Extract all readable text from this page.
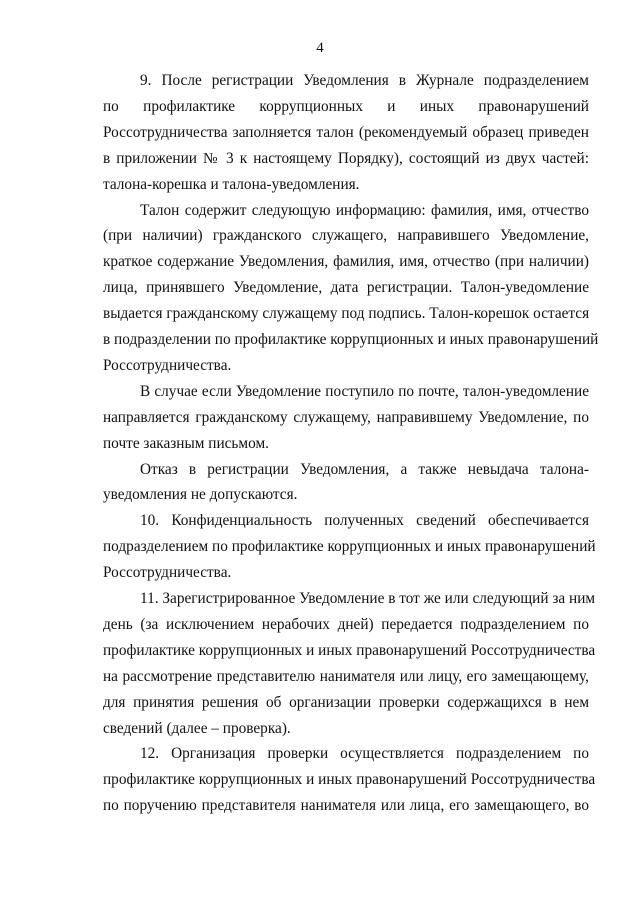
4
9. После регистрации Уведомления в Журнале подразделением
по профилактике коррупционных и иных правонарушений
Россотрудничества заполняется талон (рекомендуемый образец приведен
в приложении № 3 к настоящему Порядку), состоящий из двух частей:
талона-корешка и талона-уведомления.
Талон содержит следующую информацию: фамилия, имя, отчество
(при наличии) гражданского служащего, направившего Уведомление,
краткое содержание Уведомления, фамилия, имя, отчество (при наличии)
лица, принявшего Уведомление, дата регистрации. Талон-уведомление
выдается гражданскому служащему под подпись. Талон-корешок остается
в подразделении по профилактике коррупционных и иных правонарушений
Россотрудничества.
В случае если Уведомление поступило по почте, талон-уведомление
направляется гражданскому служащему, направившему Уведомление, по
почте заказным письмом.
Отказ в регистрации Уведомления, а также невыдача талона-
уведомления не допускаются.
10. Конфиденциальность полученных сведений обеспечивается
подразделением по профилактике коррупционных и иных правонарушений
Россотрудничества.
11. Зарегистрированное Уведомление в тот же или следующий за ним
день (за исключением нерабочих дней) передается подразделением по
профилактике коррупционных и иных правонарушений Россотрудничества
на рассмотрение представителю нанимателя или лицу, его замещающему,
для принятия решения об организации проверки содержащихся в нем
сведений (далее – проверка).
12. Организация проверки осуществляется подразделением по
профилактике коррупционных и иных правонарушений Россотрудничества
по поручению представителя нанимателя или лица, его замещающего, во
